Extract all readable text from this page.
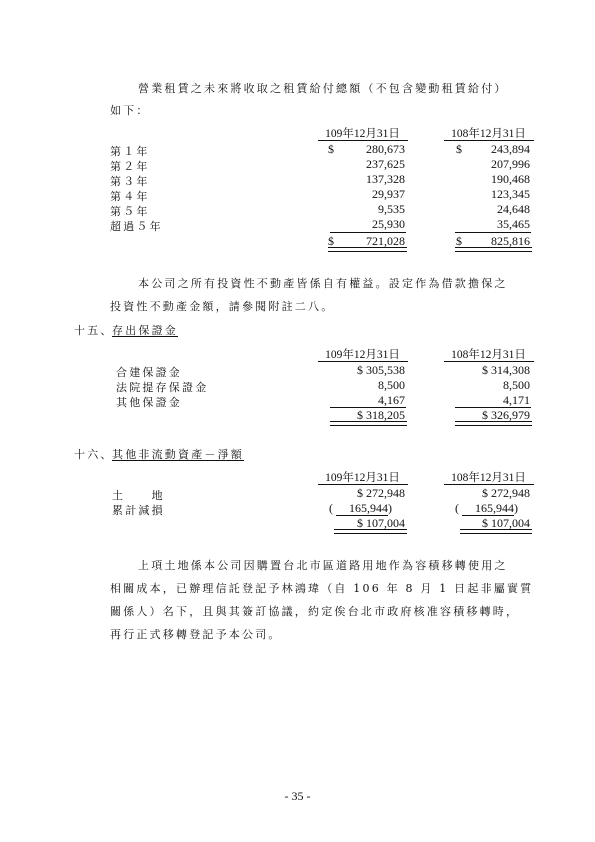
營業租賃之未來將收取之租賃給付總額（不包含變動租賃給付）
如下：
109年12月31日	108年12月31日
第１年	$	280,673	$	243,894
第２年	237,625	207,996
第３年	137,328	190,468
第４年	29,937	123,345
第５年	9,535	24,648
超過５年	25,930	35,465
$	721,028	$	825,816
本公司之所有投資性不動產皆係自有權益。設定作為借款擔保之
投資性不動產金額，請參閱附註二八。
十五、
存出保證金
109年12月31日	108年12月31日
合建保證金	$ 305,538	$ 314,308
法院提存保證金	8,500	8,500
其他保證金	4,167	4,171
$ 318,205	$ 326,979
十六、
其他非流動資產－淨額
109年12月31日	108年12月31日
土　　地	$ 272,948	$ 272,948
累計減損	(	165,944 )	(	165,944 )
$ 107,004	$ 107,004
上項土地係本公司因購置台北市區道路用地作為容積移轉使用之
相關成本，已辦理信託登記予林鴻瑋（自 106 年 8 月 1 日起非屬實質
關係人）名下，且與其簽訂協議，約定俟台北市政府核准容積移轉時，
再行正式移轉登記予本公司。
- 35 -
